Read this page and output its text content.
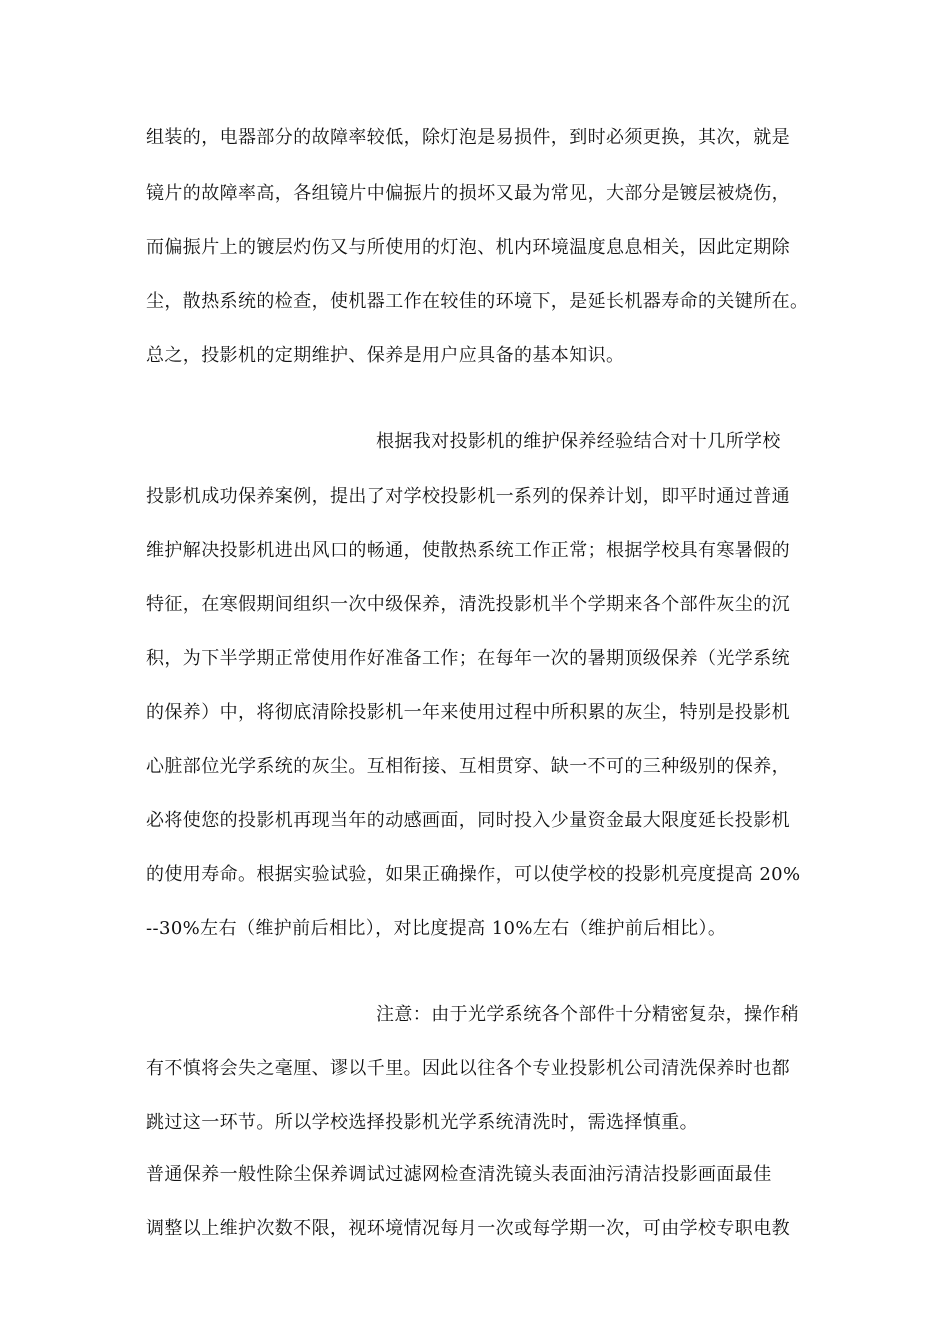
组装的，电器部分的故障率较低，除灯泡是易损件，到时必须更换，其次，就是
镜片的故障率高，各组镜片中偏振片的损坏又最为常见，大部分是镀层被烧伤，
而偏振片上的镀层灼伤又与所使用的灯泡、机内环境温度息息相关，因此定期除
尘，散热系统的检查，使机器工作在较佳的环境下，是延长机器寿命的关键所在。
总之，投影机的定期维护、保养是用户应具备的基本知识。
根据我对投影机的维护保养经验结合对十几所学校
投影机成功保养案例，提出了对学校投影机一系列的保养计划，即平时通过普通
维护解决投影机进出风口的畅通，使散热系统工作正常；根据学校具有寒暑假的
特征，在寒假期间组织一次中级保养，清洗投影机半个学期来各个部件灰尘的沉
积，为下半学期正常使用作好准备工作；在每年一次的暑期顶级保养（光学系统
的保养）中，将彻底清除投影机一年来使用过程中所积累的灰尘，特别是投影机
心脏部位光学系统的灰尘。互相衔接、互相贯穿、缺一不可的三种级别的保养，
必将使您的投影机再现当年的动感画面，同时投入少量资金最大限度延长投影机
的使用寿命。根据实验试验，如果正确操作，可以使学校的投影机亮度提高 20%
--30%左右（维护前后相比），对比度提高 10%左右（维护前后相比）。
注意：由于光学系统各个部件十分精密复杂，操作稍
有不慎将会失之毫厘、谬以千里。因此以往各个专业投影机公司清洗保养时也都
跳过这一环节。所以学校选择投影机光学系统清洗时，需选择慎重。
普通保养一般性除尘保养调试过滤网检查清洗镜头表面油污清洁投影画面最佳
调整以上维护次数不限，视环境情况每月一次或每学期一次，可由学校专职电教
